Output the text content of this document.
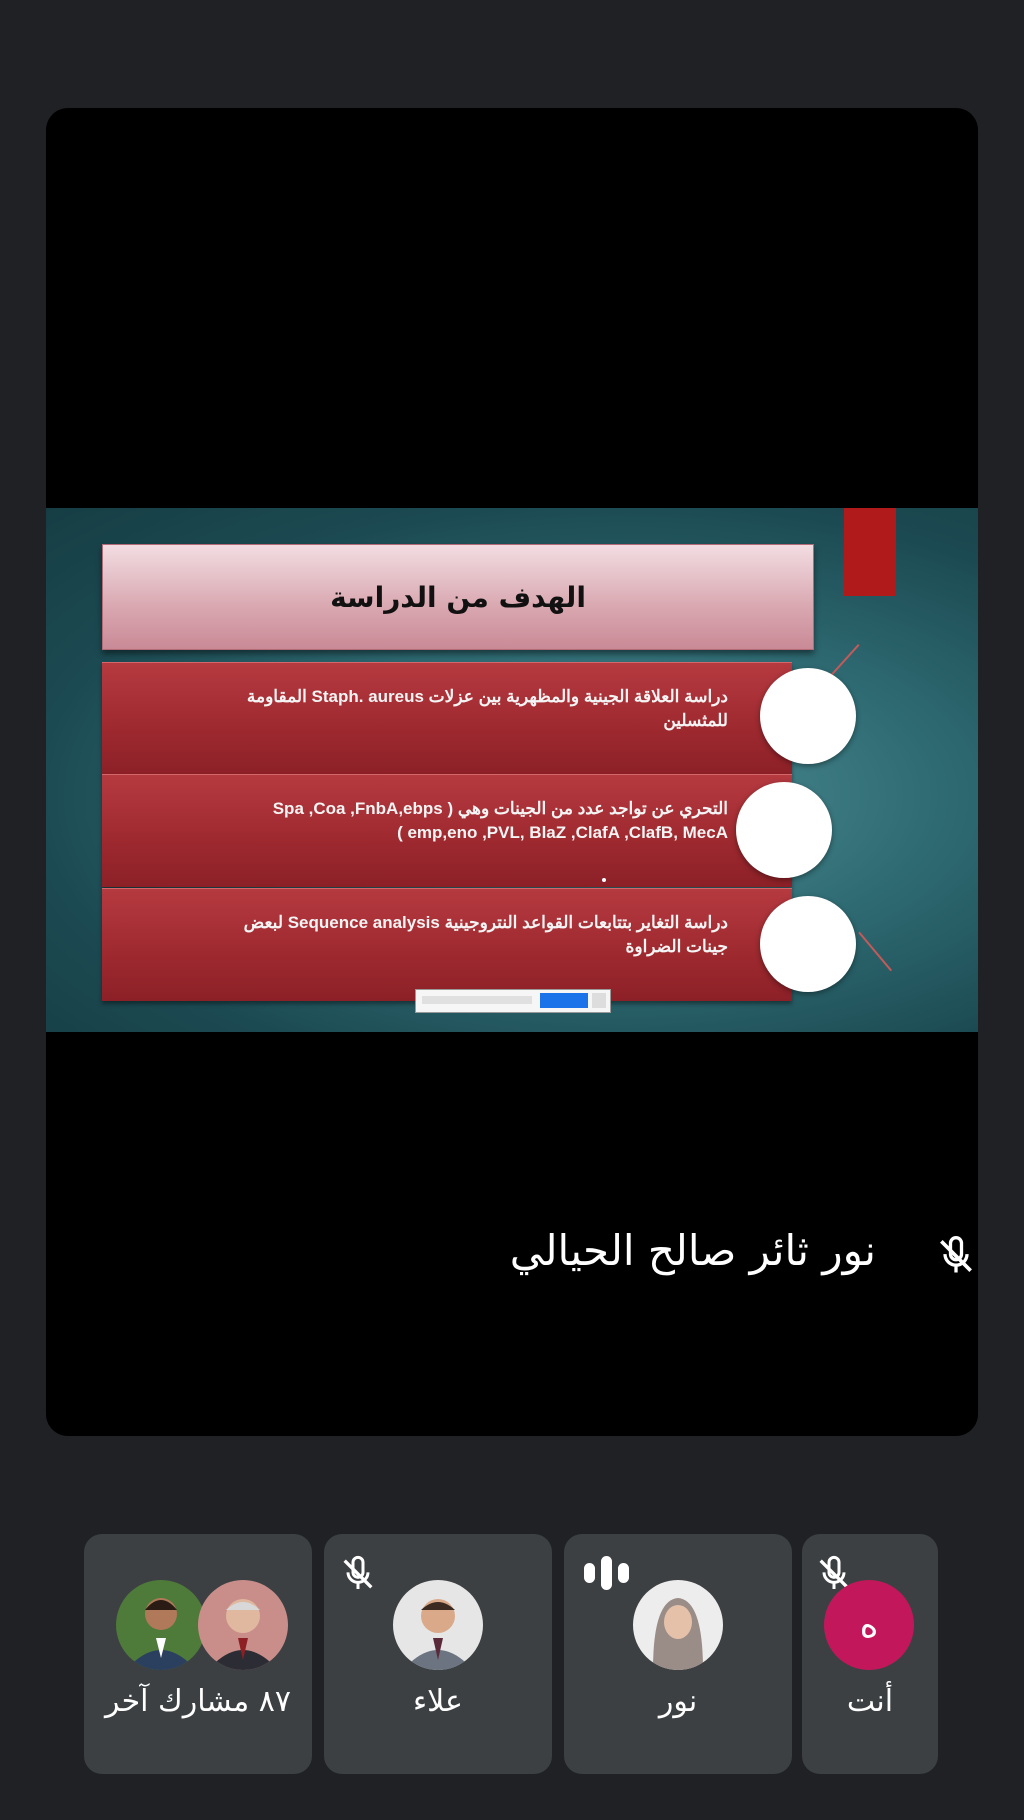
الهدف من الدراسة
دراسة العلاقة الجينية والمظهرية بين عزلات Staph. aureus المقاومة
للمثسلين
التحري عن تواجد عدد من الجينات وهي ( Spa ,Coa ,FnbA,ebps
emp,eno ,PVL, BlaZ ,ClafA ,ClafB, MecA )
دراسة التغاير بتتابعات القواعد النتروجينية Sequence analysis لبعض
جينات الضراوة
نور ثائر صالح الحيالي
٨٧ مشارك آخر	علاء	نور
ه
أنت
